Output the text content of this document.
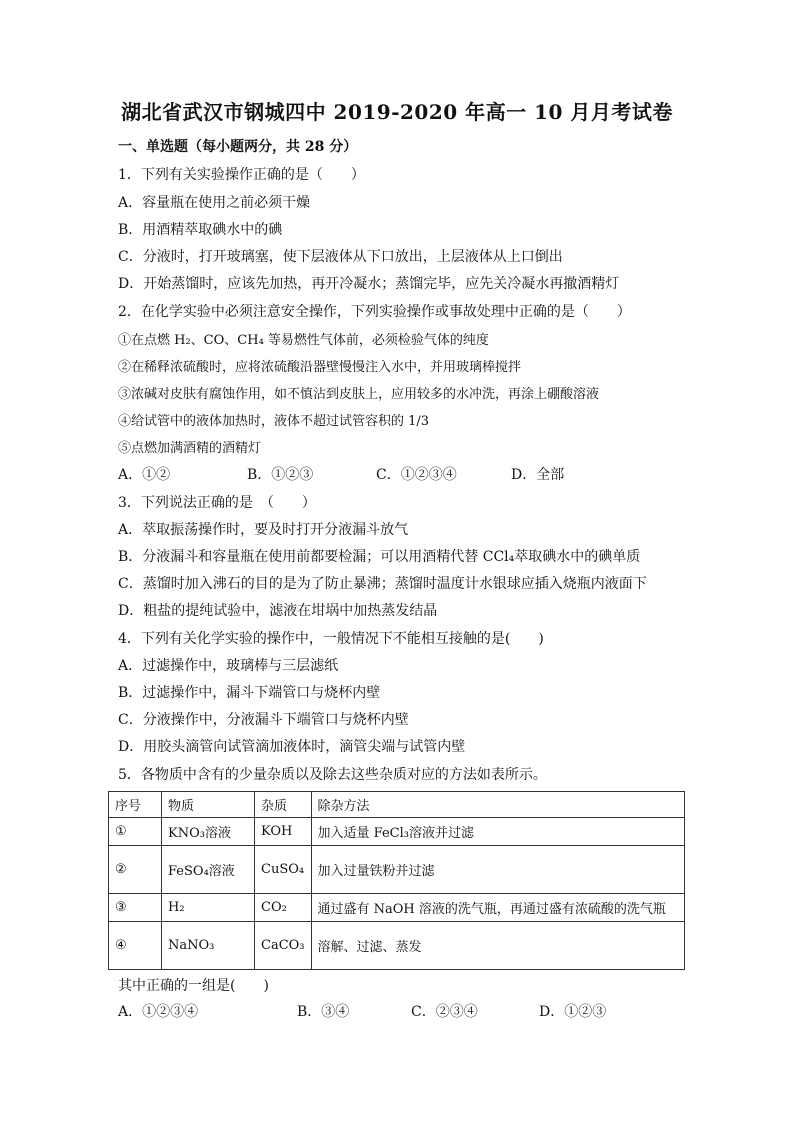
湖北省武汉市钢城四中 2019-2020 年高一 10 月月考试卷
一、单选题（每小题两分，共 28 分）
1．下列有关实验操作正确的是（　　）
A．容量瓶在使用之前必须干燥
B．用酒精萃取碘水中的碘
C．分液时，打开玻璃塞，使下层液体从下口放出，上层液体从上口倒出
D．开始蒸馏时，应该先加热，再开冷凝水；蒸馏完毕，应先关冷凝水再撤酒精灯
2．在化学实验中必须注意安全操作，下列实验操作或事故处理中正确的是（　　）
①在点燃 H₂、CO、CH₄ 等易燃性气体前，必须检验气体的纯度
②在稀释浓硫酸时，应将浓硫酸沿器壁慢慢注入水中，并用玻璃棒搅拌
③浓碱对皮肤有腐蚀作用，如不慎沾到皮肤上，应用较多的水冲洗，再涂上硼酸溶液
④给试管中的液体加热时，液体不超过试管容积的 1/3
⑤点燃加满酒精的酒精灯
A．①②	B．①②③	C．①②③④	D．全部
3．下列说法正确的是　（　　）
A．萃取振荡操作时，要及时打开分液漏斗放气
B．分液漏斗和容量瓶在使用前都要检漏；可以用酒精代替 CCl₄萃取碘水中的碘单质
C．蒸馏时加入沸石的目的是为了防止暴沸；蒸馏时温度计水银球应插入烧瓶内液面下
D．粗盐的提纯试验中，滤液在坩埚中加热蒸发结晶
4．下列有关化学实验的操作中，一般情况下不能相互接触的是(　　)
A．过滤操作中，玻璃棒与三层滤纸
B．过滤操作中，漏斗下端管口与烧杯内壁
C．分液操作中，分液漏斗下端管口与烧杯内壁
D．用胶头滴管向试管滴加液体时，滴管尖端与试管内壁
5．各物质中含有的少量杂质以及除去这些杂质对应的方法如表所示。
序号	物质	杂质	除杂方法
①	KNO₃溶液	KOH	加入适量 FeCl₃溶液并过滤
②	FeSO₄溶液	CuSO₄	加入过量铁粉并过滤
③	H₂	CO₂	通过盛有 NaOH 溶液的洗气瓶，再通过盛有浓硫酸的洗气瓶
④	NaNO₃	CaCO₃	溶解、过滤、蒸发
其中正确的一组是(　　)
A．①②③④	B．③④	C．②③④	D．①②③
